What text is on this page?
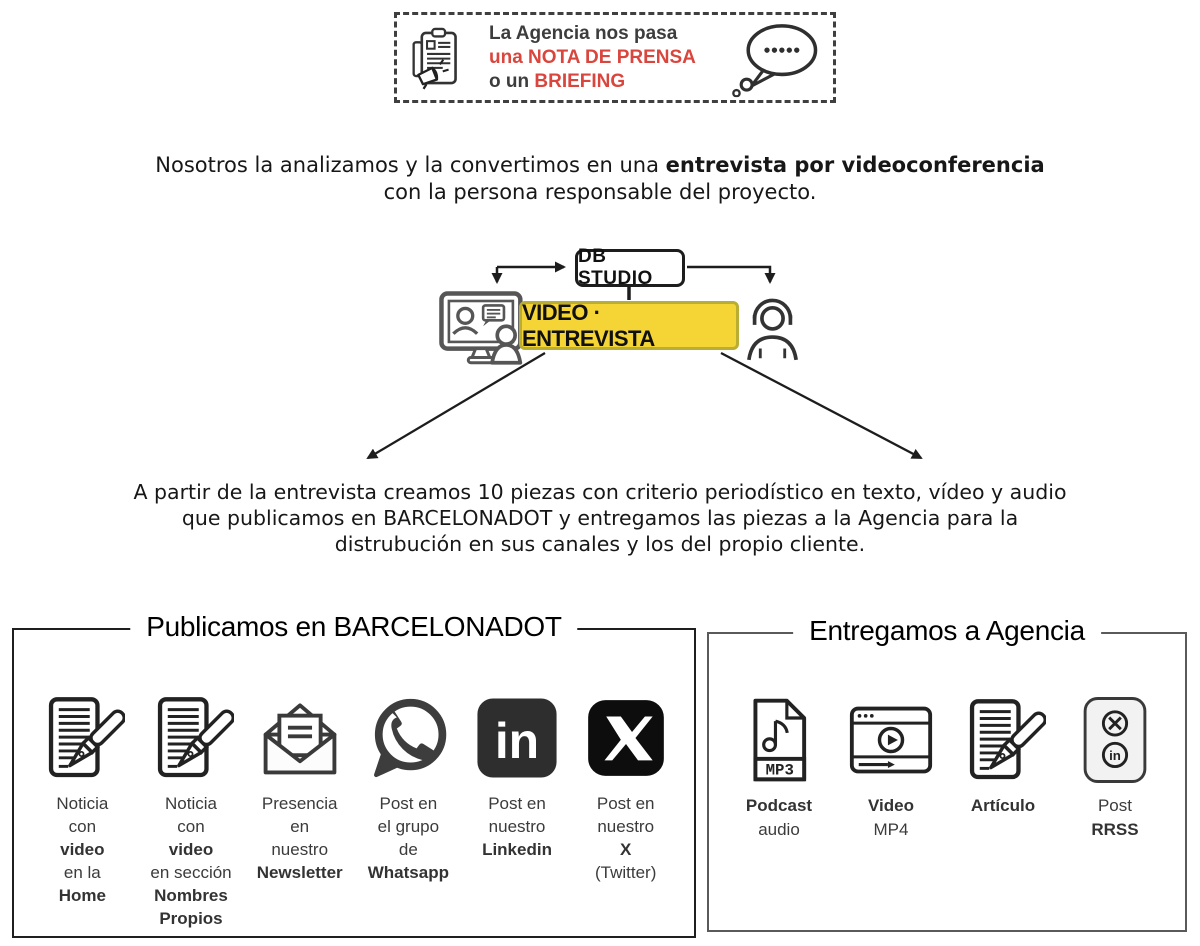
La Agencia nos pasa
una NOTA DE PRENSA
o un BRIEFING
Nosotros la analizamos y la convertimos en una entrevista por videoconferencia
con la persona responsable del proyecto.
DB STUDIO
VIDEO · ENTREVISTA
A partir de la entrevista creamos 10 piezas con criterio periodístico en texto, vídeo y audio
que publicamos en BARCELONADOT y entregamos las piezas a la Agencia para la
distrubución en sus canales y los del propio cliente.
Publicamos en BARCELONADOT
Noticia
con
video
en la
Home
Noticia
con
video
en sección
Nombres
Propios
Presencia
en
nuestro
Newsletter
Post en
el grupo
de
Whatsapp
Post en
nuestro
Linkedin
Post en
nuestro
X
(Twitter)
Entregamos a Agencia
Podcast
audio
Video
MP4
Artículo	Post
RRSS
